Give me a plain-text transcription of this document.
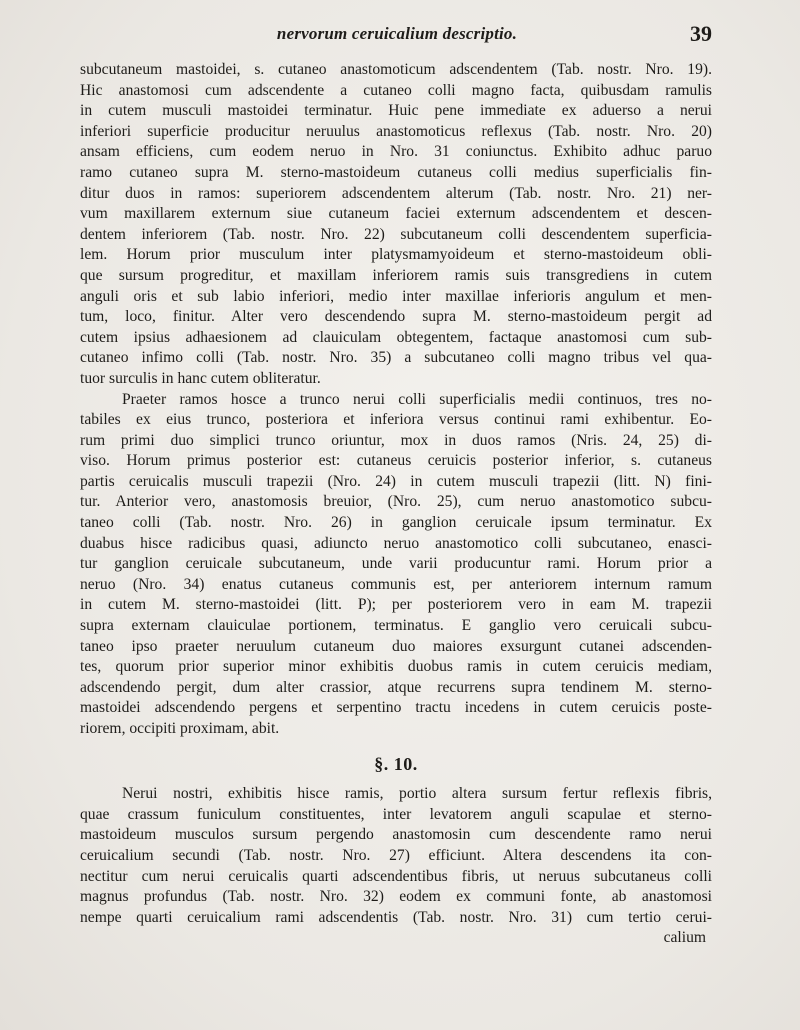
nervorum ceruicalium descriptio.	39

subcutaneum mastoidei, s. cutaneo anastomoticum adscendentem (Tab. nostr. Nro. 19).
Hic anastomosi cum adscendente a cutaneo colli magno facta, quibusdam ramulis
in cutem musculi mastoidei terminatur. Huic pene immediate ex aduerso a nerui
inferiori superficie producitur neruulus anastomoticus reflexus (Tab. nostr. Nro. 20)
ansam efficiens, cum eodem neruo in Nro. 31 coniunctus. Exhibito adhuc paruo
ramo cutaneo supra M. sterno-mastoideum cutaneus colli medius superficialis fin-
ditur duos in ramos: superiorem adscendentem alterum (Tab. nostr. Nro. 21) ner-
vum maxillarem externum siue cutaneum faciei externum adscendentem et descen-
dentem inferiorem (Tab. nostr. Nro. 22) subcutaneum colli descendentem superficia-
lem. Horum prior musculum inter platysmamyoideum et sterno-mastoideum obli-
que sursum progreditur, et maxillam inferiorem ramis suis transgrediens in cutem
anguli oris et sub labio inferiori, medio inter maxillae inferioris angulum et men-
tum, loco, finitur. Alter vero descendendo supra M. sterno-mastoideum pergit ad
cutem ipsius adhaesionem ad clauiculam obtegentem, factaque anastomosi cum sub-
cutaneo infimo colli (Tab. nostr. Nro. 35) a subcutaneo colli magno tribus vel qua-
tuor surculis in hanc cutem obliteratur.

Praeter ramos hosce a trunco nerui colli superficialis medii continuos, tres no-
tabiles ex eius trunco, posteriora et inferiora versus continui rami exhibentur. Eo-
rum primi duo simplici trunco oriuntur, mox in duos ramos (Nris. 24, 25) di-
viso. Horum primus posterior est: cutaneus ceruicis posterior inferior, s. cutaneus
partis ceruicalis musculi trapezii (Nro. 24) in cutem musculi trapezii (litt. N) fini-
tur. Anterior vero, anastomosis breuior, (Nro. 25), cum neruo anastomotico subcu-
taneo colli (Tab. nostr. Nro. 26) in ganglion ceruicale ipsum terminatur. Ex
duabus hisce radicibus quasi, adiuncto neruo anastomotico colli subcutaneo, enasci-
tur ganglion ceruicale subcutaneum, unde varii producuntur rami. Horum prior a
neruo (Nro. 34) enatus cutaneus communis est, per anteriorem internum ramum
in cutem M. sterno-mastoidei (litt. P); per posteriorem vero in eam M. trapezii
supra externam clauiculae portionem, terminatus. E ganglio vero ceruicali subcu-
taneo ipso praeter neruulum cutaneum duo maiores exsurgunt cutanei adscenden-
tes, quorum prior superior minor exhibitis duobus ramis in cutem ceruicis mediam,
adscendendo pergit, dum alter crassior, atque recurrens supra tendinem M. sterno-
mastoidei adscendendo pergens et serpentino tractu incedens in cutem ceruicis poste-
riorem, occipiti proximam, abit.

§. 10.

Nerui nostri, exhibitis hisce ramis, portio altera sursum fertur reflexis fibris,
quae crassum funiculum constituentes, inter levatorem anguli scapulae et sterno-
mastoideum musculos sursum pergendo anastomosin cum descendente ramo nerui
ceruicalium secundi (Tab. nostr. Nro. 27) efficiunt. Altera descendens ita con-
nectitur cum nerui ceruicalis quarti adscendentibus fibris, ut neruus subcutaneus colli
magnus profundus (Tab. nostr. Nro. 32) eodem ex communi fonte, ab anastomosi
nempe quarti ceruicalium rami adscendentis (Tab. nostr. Nro. 31) cum tertio cerui-
calium
